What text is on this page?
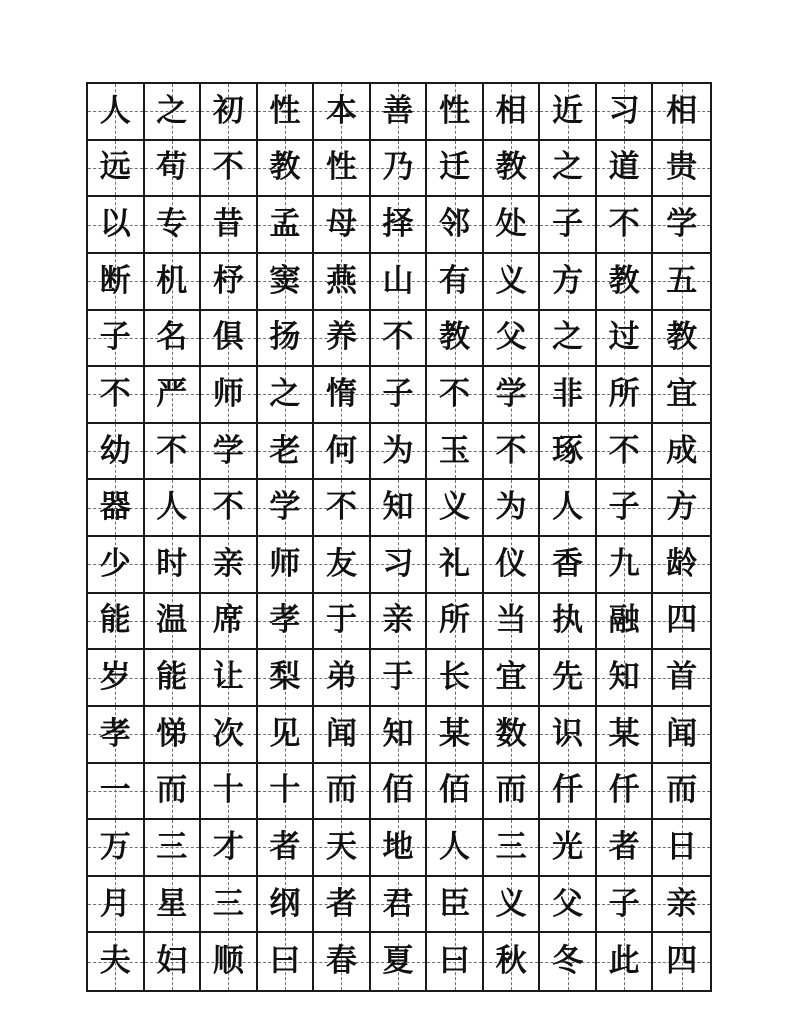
人 之 初 性 本 善 性 相 近 习 相
远 苟 不 教 性 乃 迁 教 之 道 贵
以 专 昔 孟 母 择 邻 处 子 不 学
断 机 杼 窦 燕 山 有 义 方 教 五
子 名 俱 扬 养 不 教 父 之 过 教
不 严 师 之 惰 子 不 学 非 所 宜
幼 不 学 老 何 为 玉 不 琢 不 成
器 人 不 学 不 知 义 为 人 子 方
少 时 亲 师 友 习 礼 仪 香 九 龄
能 温 席 孝 于 亲 所 当 执 融 四
岁 能 让 梨 弟 于 长 宜 先 知 首
孝 悌 次 见 闻 知 某 数 识 某 闻
一 而 十 十 而 佰 佰 而 仟 仟 而
万 三 才 者 天 地 人 三 光 者 日
月 星 三 纲 者 君 臣 义 父 子 亲
夫 妇 顺 曰 春 夏 曰 秋 冬 此 四
